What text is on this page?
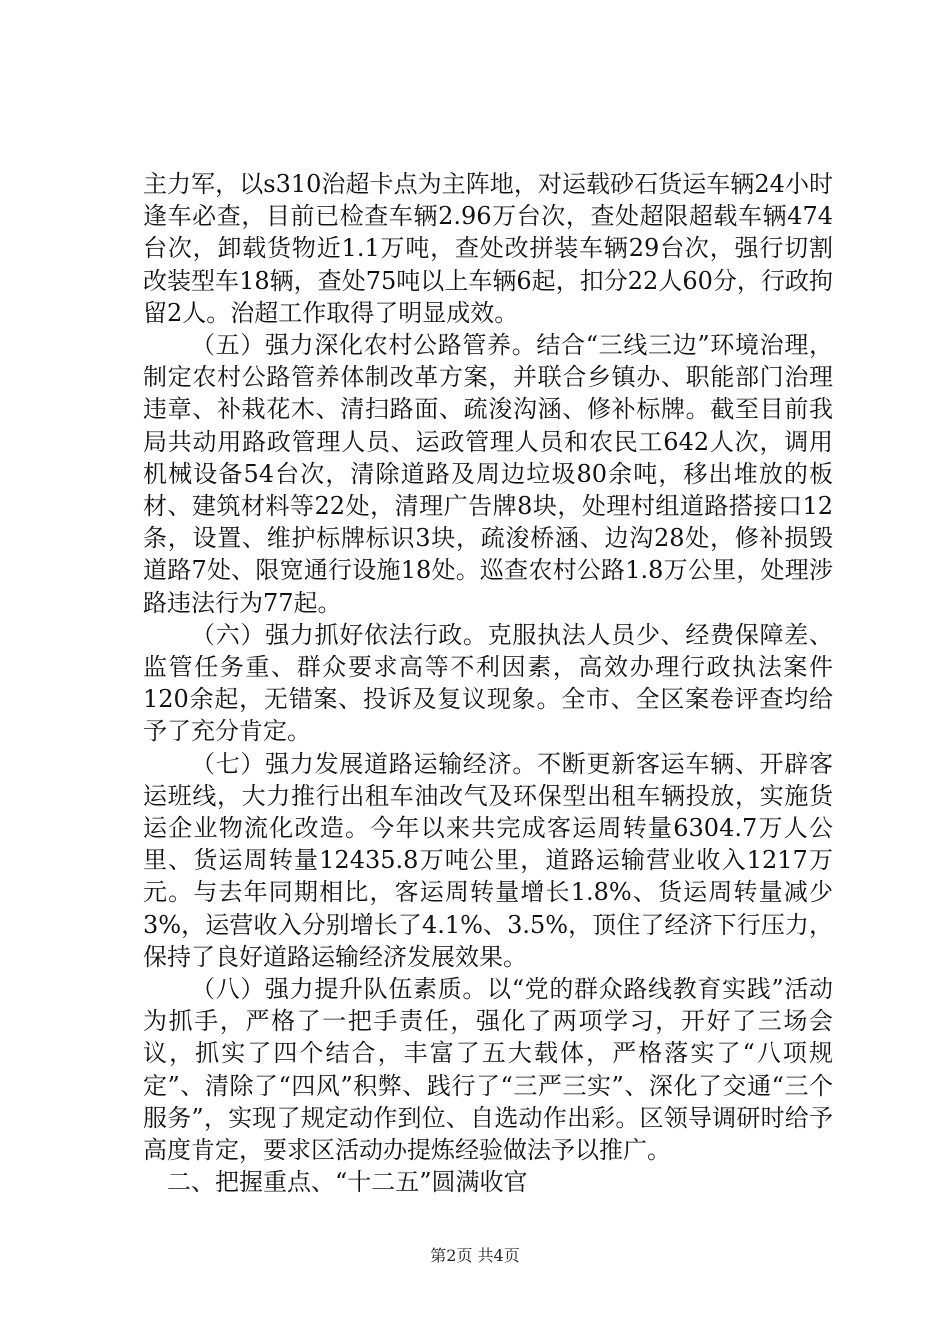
主力军，以s310治超卡点为主阵地，对运载砂石货运车辆24小时逢车必查，目前已检查车辆2.96万台次，查处超限超载车辆474台次，卸载货物近1.1万吨，查处改拼装车辆29台次，强行切割改装型车18辆，查处75吨以上车辆6起，扣分22人60分，行政拘留2人。治超工作取得了明显成效。

（五）强力深化农村公路管养。结合“三线三边”环境治理，制定农村公路管养体制改革方案，并联合乡镇办、职能部门治理违章、补栽花木、清扫路面、疏浚沟涵、修补标牌。截至目前我局共动用路政管理人员、运政管理人员和农民工642人次，调用机械设备54台次，清除道路及周边垃圾80余吨，移出堆放的板材、建筑材料等22处，清理广告牌8块，处理村组道路搭接口12条，设置、维护标牌标识3块，疏浚桥涵、边沟28处，修补损毁道路7处、限宽通行设施18处。巡查农村公路1.8万公里，处理涉路违法行为77起。

（六）强力抓好依法行政。克服执法人员少、经费保障差、监管任务重、群众要求高等不利因素，高效办理行政执法案件120余起，无错案、投诉及复议现象。全市、全区案卷评查均给予了充分肯定。

（七）强力发展道路运输经济。不断更新客运车辆、开辟客运班线，大力推行出租车油改气及环保型出租车辆投放，实施货运企业物流化改造。今年以来共完成客运周转量6304.7万人公里、货运周转量12435.8万吨公里，道路运输营业收入1217万元。与去年同期相比，客运周转量增长1.8%、货运周转量减少3%，运营收入分别增长了4.1%、3.5%，顶住了经济下行压力，保持了良好道路运输经济发展效果。

（八）强力提升队伍素质。以“党的群众路线教育实践”活动为抓手，严格了一把手责任，强化了两项学习，开好了三场会议，抓实了四个结合，丰富了五大载体，严格落实了“八项规定”、清除了“四风”积弊、践行了“三严三实”、深化了交通“三个服务”，实现了规定动作到位、自选动作出彩。区领导调研时给予高度肯定，要求区活动办提炼经验做法予以推广。

二、把握重点、“十二五”圆满收官

第2页 共4页
